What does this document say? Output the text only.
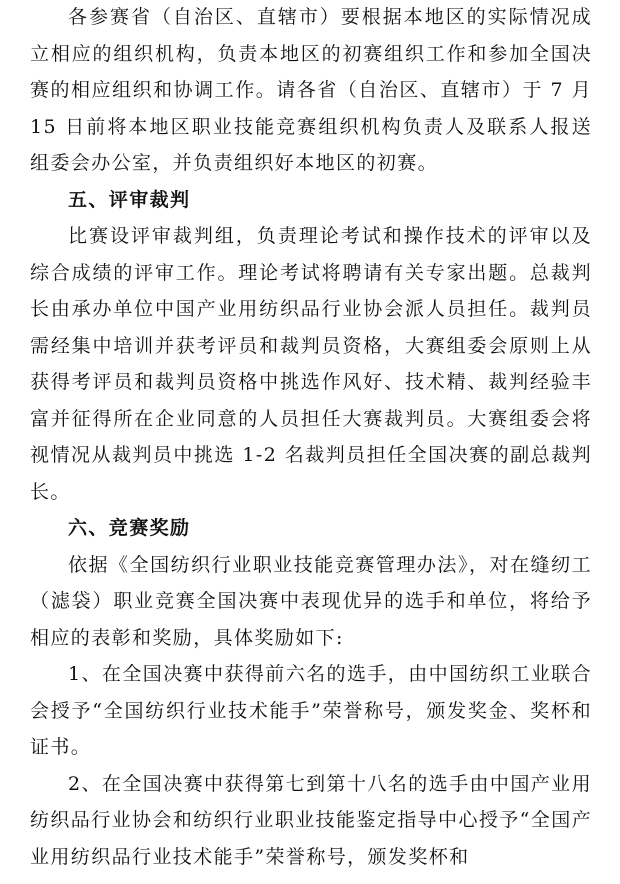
各参赛省（自治区、直辖市）要根据本地区的实际情况成立相应的组织机构，负责本地区的初赛组织工作和参加全国决赛的相应组织和协调工作。请各省（自治区、直辖市）于 7 月 15 日前将本地区职业技能竞赛组织机构负责人及联系人报送组委会办公室，并负责组织好本地区的初赛。

五、评审裁判

比赛设评审裁判组，负责理论考试和操作技术的评审以及综合成绩的评审工作。理论考试将聘请有关专家出题。总裁判长由承办单位中国产业用纺织品行业协会派人员担任。裁判员需经集中培训并获考评员和裁判员资格，大赛组委会原则上从获得考评员和裁判员资格中挑选作风好、技术精、裁判经验丰富并征得所在企业同意的人员担任大赛裁判员。大赛组委会将视情况从裁判员中挑选 1-2 名裁判员担任全国决赛的副总裁判长。

六、竞赛奖励

依据《全国纺织行业职业技能竞赛管理办法》，对在缝纫工（滤袋）职业竞赛全国决赛中表现优异的选手和单位，将给予相应的表彰和奖励，具体奖励如下:

1、在全国决赛中获得前六名的选手，由中国纺织工业联合会授予“全国纺织行业技术能手”荣誉称号，颁发奖金、奖杯和证书。

2、在全国决赛中获得第七到第十八名的选手由中国产业用纺织品行业协会和纺织行业职业技能鉴定指导中心授予“全国产业用纺织品行业技术能手”荣誉称号，颁发奖杯和
